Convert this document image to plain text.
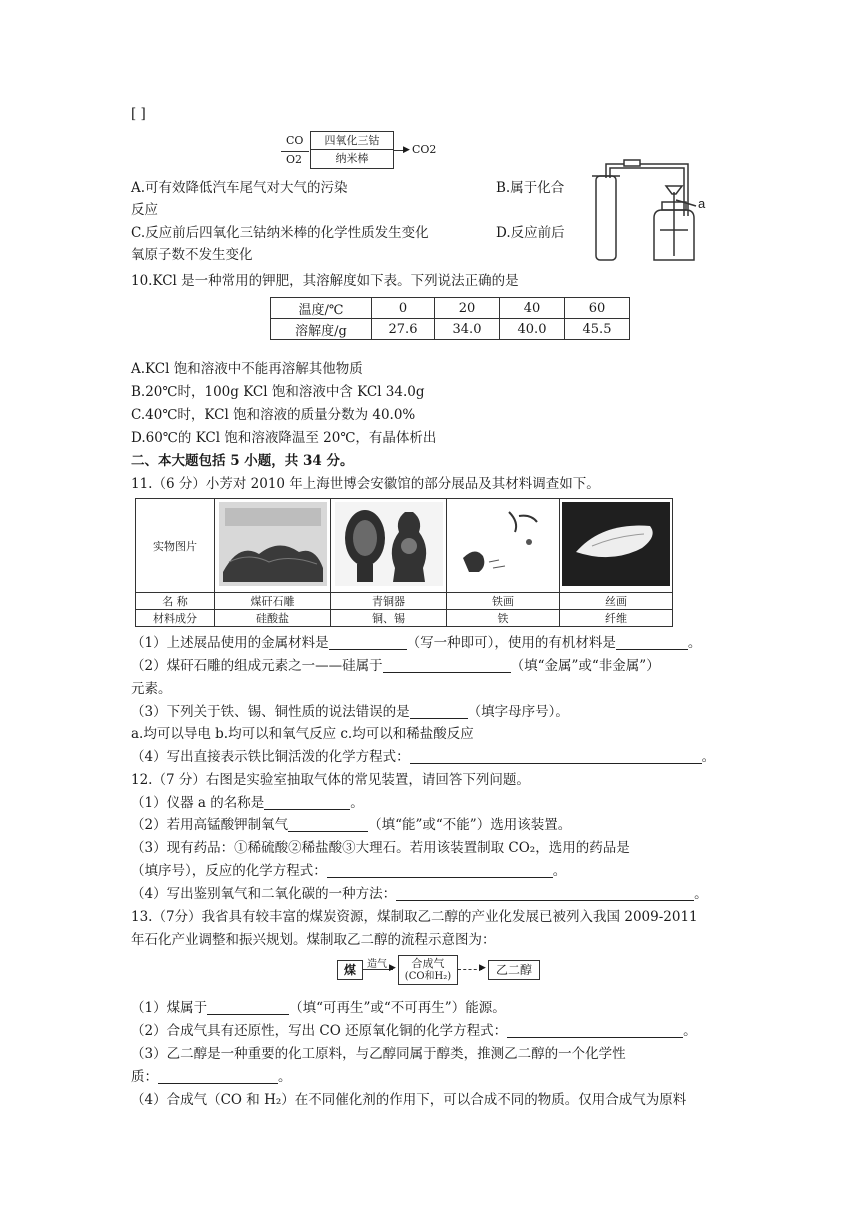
[ ]
CO
O2
四氧化三钴
纳米棒
▶ CO2
A.可有效降低汽车尾气对大气的污染	B.属于化合
反应
C.反应前后四氧化三钴纳米棒的化学性质发生变化	D.反应前后
氧原子数不发生变化
a
10.KCl 是一种常用的钾肥，其溶解度如下表。下列说法正确的是
温度/℃	0	20	40	60
溶解度/g	27.6	34.0	40.0	45.5
A.KCl 饱和溶液中不能再溶解其他物质
B.20℃时，100g KCl 饱和溶液中含 KCl 34.0g
C.40℃时，KCl 饱和溶液的质量分数为 40.0%
D.60℃的 KCl 饱和溶液降温至 20℃，有晶体析出
二、本大题包括 5 小题，共 34 分。
11.（6 分）小芳对 2010 年上海世博会安徽馆的部分展品及其材料调查如下。
实物图片				
名 称	煤矸石雕	青铜器	铁画	丝画
材料成分	硅酸盐	铜、锡	铁	纤维
（1）上述展品使用的金属材料是	（写一种即可），使用的有机材料是	。
（2）煤矸石雕的组成元素之一——硅属于	（填“金属”或“非金属”）
元素。
（3）下列关于铁、锡、铜性质的说法错误的是	（填字母序号）。
a.均可以导电 b.均可以和氧气反应 c.均可以和稀盐酸反应
（4）写出直接表示铁比铜活泼的化学方程式：	。
12.（7 分）右图是实验室抽取气体的常见装置，请回答下列问题。
（1）仪器 a 的名称是	。
（2）若用高锰酸钾制氧气	（填“能”或“不能”）选用该装置。
（3）现有药品：①稀硫酸②稀盐酸③大理石。若用该装置制取 CO₂，选用的药品是
（填序号），反应的化学方程式：	。
（4）写出鉴别氧气和二氧化碳的一种方法：	。
13.（7分）我省具有较丰富的煤炭资源，煤制取乙二醇的产业化发展已被列入我国 2009-2011
年石化产业调整和振兴规划。煤制取乙二醇的流程示意图为：
煤	造气 ▶	合成气
(CO和H₂)
▶ 乙二醇
（1）煤属于	（填“可再生”或“不可再生”）能源。
（2）合成气具有还原性，写出 CO 还原氧化铜的化学方程式：	。
（3）乙二醇是一种重要的化工原料，与乙醇同属于醇类，推测乙二醇的一个化学性
质：	。
（4）合成气（CO 和 H₂）在不同催化剂的作用下，可以合成不同的物质。仅用合成气为原料
